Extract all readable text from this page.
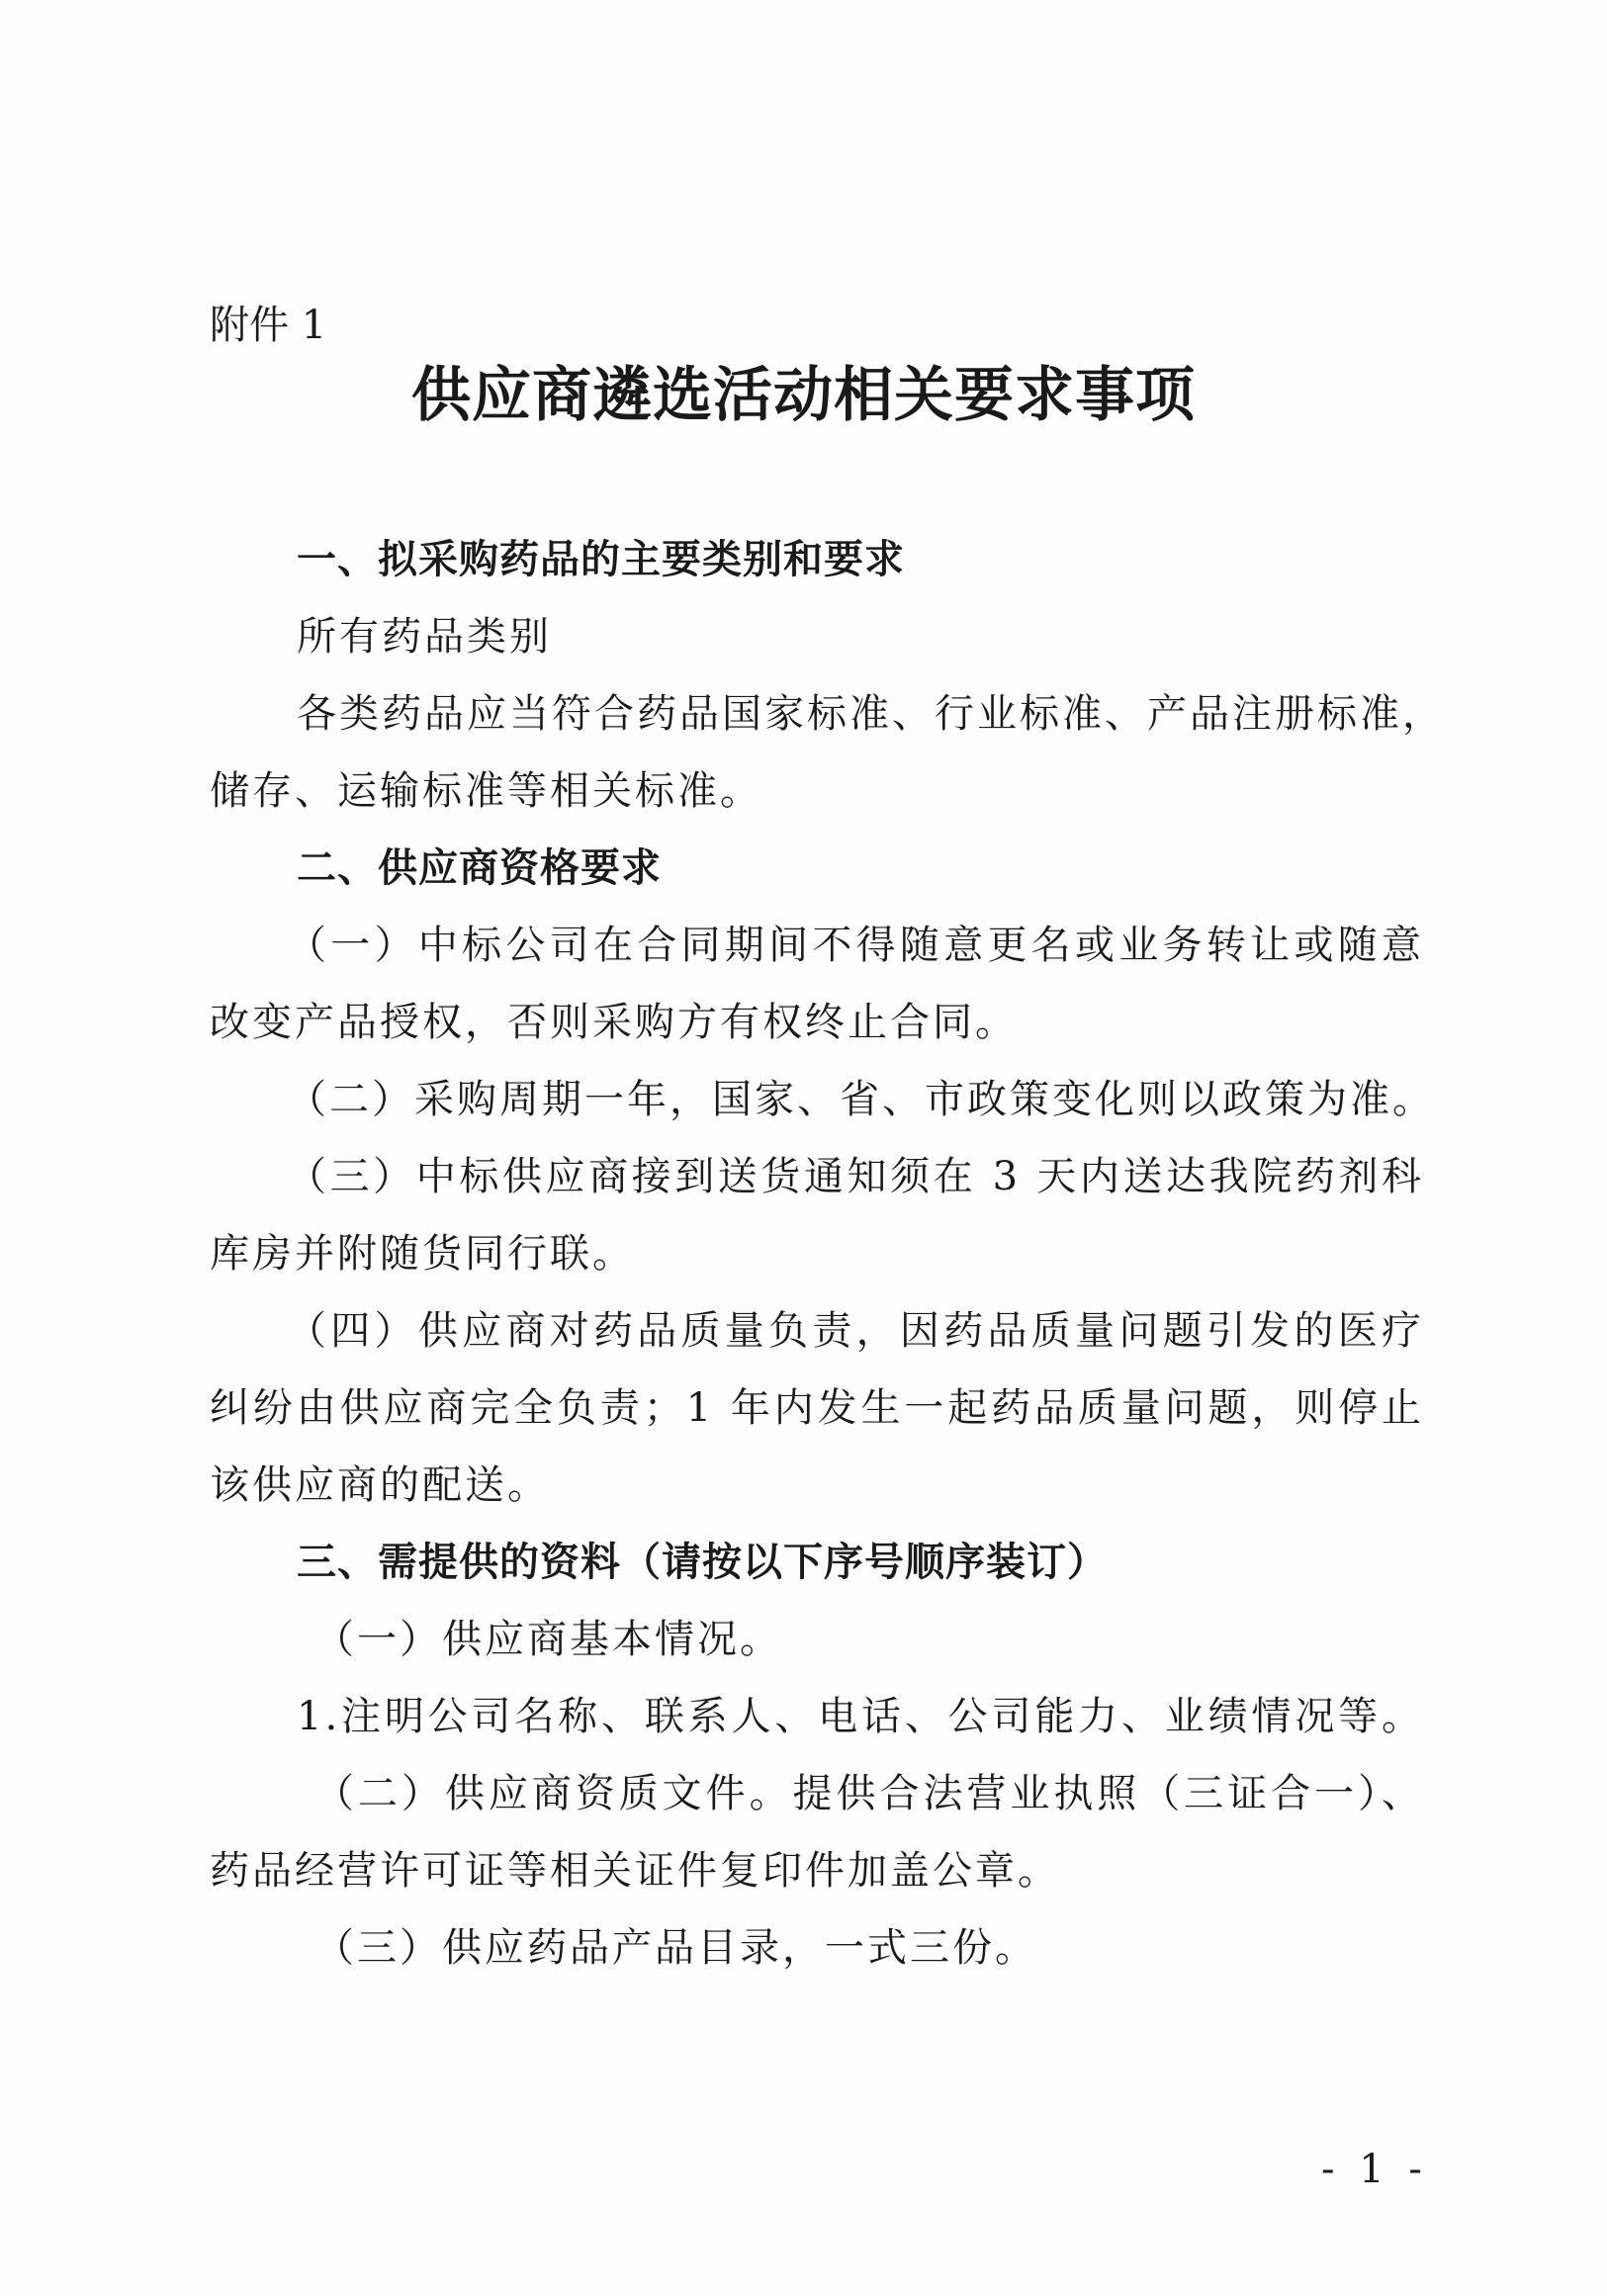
附件 1
供应商遴选活动相关要求事项
一、拟采购药品的主要类别和要求
所有药品类别
各类药品应当符合药品国家标准、行业标准、产品注册标准，
储存、运输标准等相关标准。
二、供应商资格要求
（一）中标公司在合同期间不得随意更名或业务转让或随意
改变产品授权，否则采购方有权终止合同。
（二）采购周期一年，国家、省、市政策变化则以政策为准。
（三）中标供应商接到送货通知须在 3 天内送达我院药剂科
库房并附随货同行联。
（四）供应商对药品质量负责，因药品质量问题引发的医疗
纠纷由供应商完全负责；1 年内发生一起药品质量问题，则停止
该供应商的配送。
三、需提供的资料（请按以下序号顺序装订）
（一）供应商基本情况。
1.注明公司名称、联系人、电话、公司能力、业绩情况等。
（二）供应商资质文件。提供合法营业执照（三证合一）、
药品经营许可证等相关证件复印件加盖公章。
（三）供应药品产品目录，一式三份。
- 1 -
